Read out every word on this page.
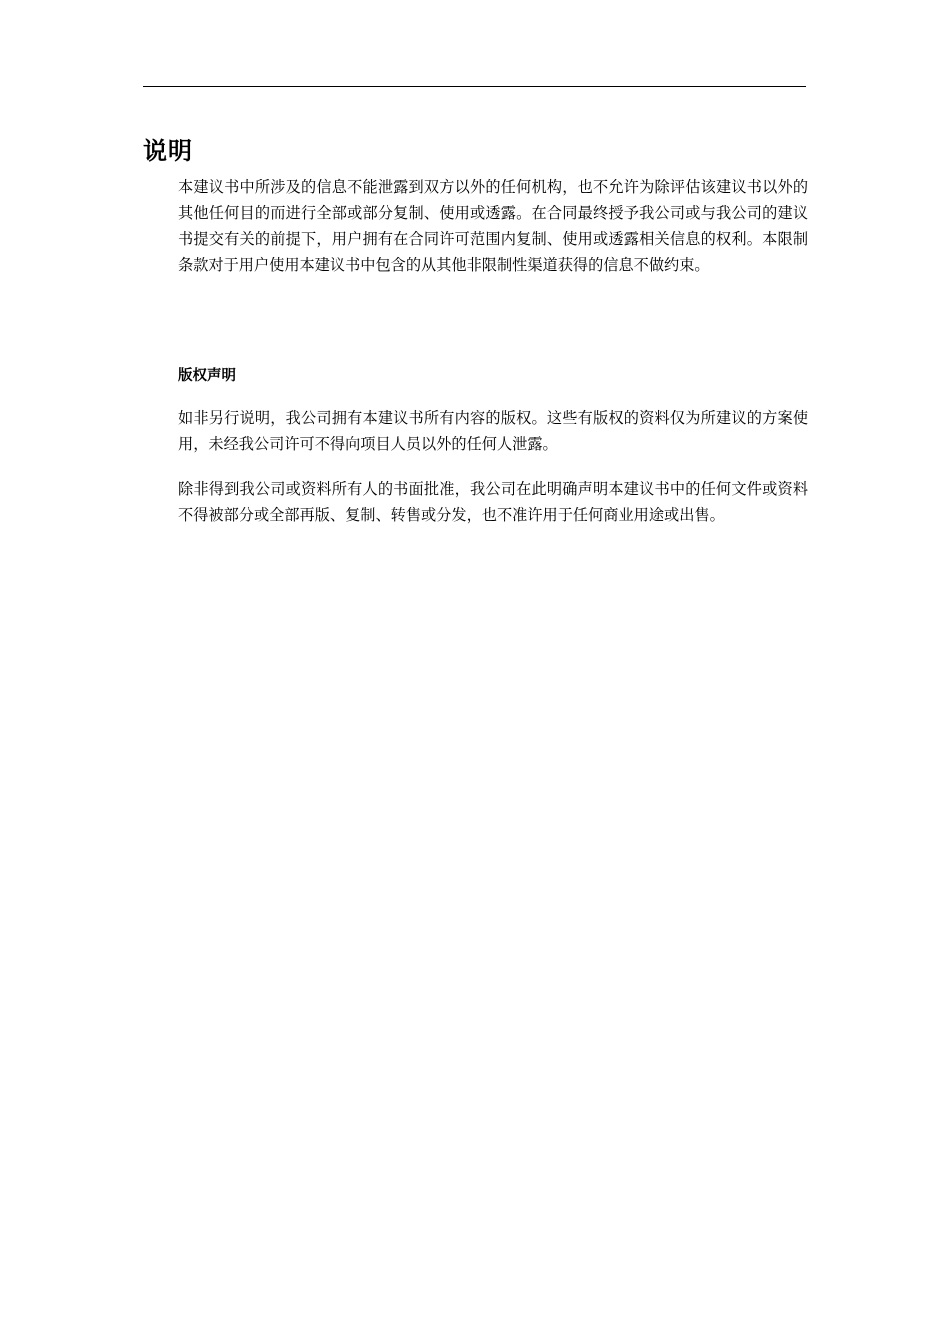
说明

本建议书中所涉及的信息不能泄露到双方以外的任何机构，也不允许为除评估该建议书以外的其他任何目的而进行全部或部分复制、使用或透露。在合同最终授予我公司或与我公司的建议书提交有关的前提下，用户拥有在合同许可范围内复制、使用或透露相关信息的权利。本限制条款对于用户使用本建议书中包含的从其他非限制性渠道获得的信息不做约束。

版权声明

如非另行说明，我公司拥有本建议书所有内容的版权。这些有版权的资料仅为所建议的方案使用，未经我公司许可不得向项目人员以外的任何人泄露。

除非得到我公司或资料所有人的书面批准，我公司在此明确声明本建议书中的任何文件或资料不得被部分或全部再版、复制、转售或分发，也不准许用于任何商业用途或出售。
